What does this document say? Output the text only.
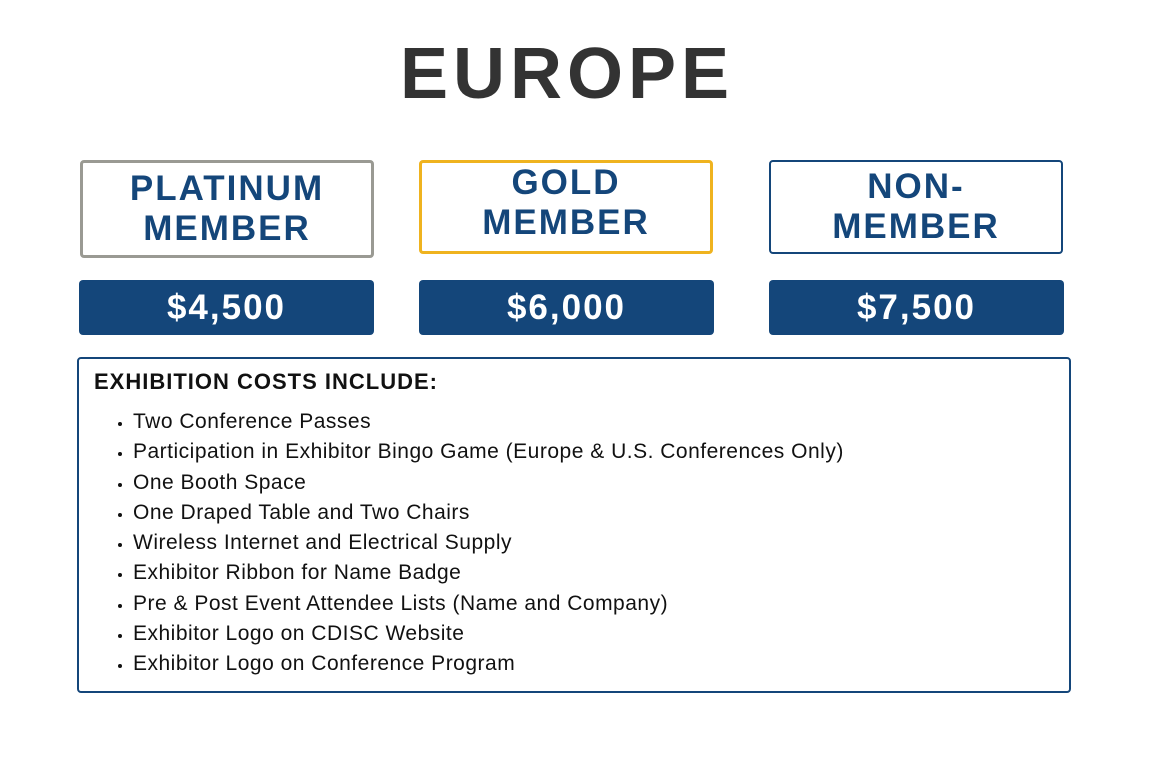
EUROPE
PLATINUM MEMBER
GOLD MEMBER
NON-MEMBER
$4,500	$6,000	$7,500
EXHIBITION COSTS INCLUDE:
• Two Conference Passes
• Participation in Exhibitor Bingo Game (Europe & U.S. Conferences Only)
• One Booth Space
• One Draped Table and Two Chairs
• Wireless Internet and Electrical Supply
• Exhibitor Ribbon for Name Badge
• Pre & Post Event Attendee Lists (Name and Company)
• Exhibitor Logo on CDISC Website
• Exhibitor Logo on Conference Program
